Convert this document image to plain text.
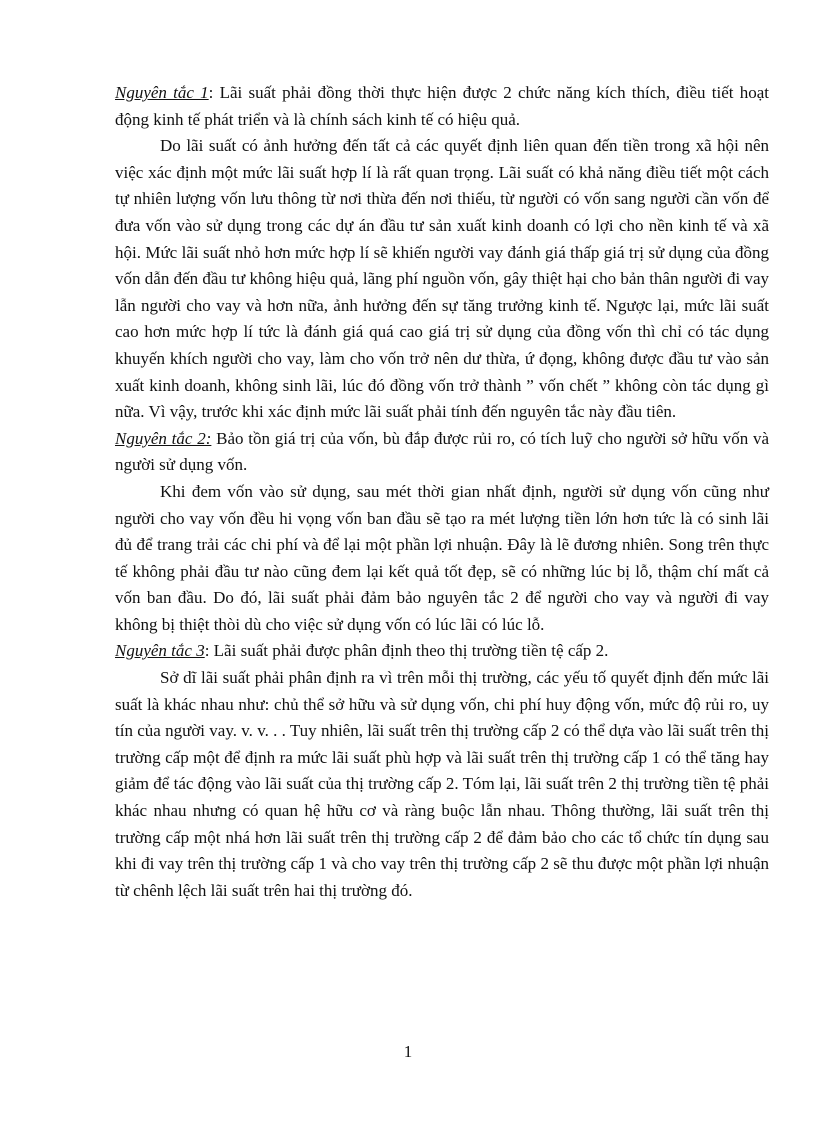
Nguyên tắc 1: Lãi suất phải đồng thời thực hiện được 2 chức năng kích thích, điều tiết hoạt động kinh tế phát triển và là chính sách kinh tế có hiệu quả.

Do lãi suất có ảnh hưởng đến tất cả các quyết định liên quan đến tiền trong xã hội nên việc xác định một mức lãi suất hợp lí là rất quan trọng. Lãi suất có khả năng điều tiết một cách tự nhiên lượng vốn lưu thông từ nơi thừa đến nơi thiếu, từ người có vốn sang người cần vốn để đưa vốn vào sử dụng trong các dự án đầu tư sản xuất kinh doanh có lợi cho nền kinh tế và xã hội. Mức lãi suất nhỏ hơn mức hợp lí sẽ khiến người vay đánh giá thấp giá trị sử dụng của đồng vốn dẫn đến đầu tư không hiệu quả, lãng phí nguồn vốn, gây thiệt hại cho bản thân người đi vay lẫn người cho vay và hơn nữa, ảnh hưởng đến sự tăng trưởng kinh tế. Ngược lại, mức lãi suất cao hơn mức hợp lí tức là đánh giá quá cao giá trị sử dụng của đồng vốn thì chỉ có tác dụng khuyến khích người cho vay, làm cho vốn trở nên dư thừa, ứ đọng, không được đầu tư vào sản xuất kinh doanh, không sinh lãi, lúc đó đồng vốn trở thành ” vốn chết ” không còn tác dụng gì nữa. Vì vậy, trước khi xác định mức lãi suất phải tính đến nguyên tắc này đầu tiên.

Nguyên tắc 2: Bảo tồn giá trị của vốn, bù đắp được rủi ro, có tích luỹ cho người sở hữu vốn và người sử dụng vốn.

Khi đem vốn vào sử dụng, sau mét thời gian nhất định, người sử dụng vốn cũng như người cho vay vốn đều hi vọng vốn ban đầu sẽ tạo ra mét lượng tiền lớn hơn tức là có sinh lãi đủ để trang trải các chi phí và để lại một phần lợi nhuận. Đây là lẽ đương nhiên. Song trên thực tế không phải đầu tư nào cũng đem lại kết quả tốt đẹp, sẽ có những lúc bị lỗ, thậm chí mất cả vốn ban đầu. Do đó, lãi suất phải đảm bảo nguyên tắc 2 để người cho vay và người đi vay không bị thiệt thòi dù cho việc sử dụng vốn có lúc lãi có lúc lỗ.

Nguyên tắc 3: Lãi suất phải được phân định theo thị trường tiền tệ cấp 2.

Sở dĩ lãi suất phải phân định ra vì trên mỗi thị trường, các yếu tố quyết định đến mức lãi suất là khác nhau như: chủ thể sở hữu và sử dụng vốn, chi phí huy động vốn, mức độ rủi ro, uy tín của người vay. v. v. . . Tuy nhiên, lãi suất trên thị trường cấp 2 có thể dựa vào lãi suất trên thị trường cấp một để định ra mức lãi suất phù hợp và lãi suất trên thị trường cấp 1 có thể tăng hay giảm để tác động vào lãi suất của thị trường cấp 2. Tóm lại, lãi suất trên 2 thị trường tiền tệ phải khác nhau nhưng có quan hệ hữu cơ và ràng buộc lẫn nhau. Thông thường, lãi suất trên thị trường cấp một nhá hơn lãi suất trên thị trường cấp 2 để đảm bảo cho các tổ chức tín dụng sau khi đi vay trên thị trường cấp 1 và cho vay trên thị trường cấp 2 sẽ thu được một phần lợi nhuận từ chênh lệch lãi suất trên hai thị trường đó.

1
